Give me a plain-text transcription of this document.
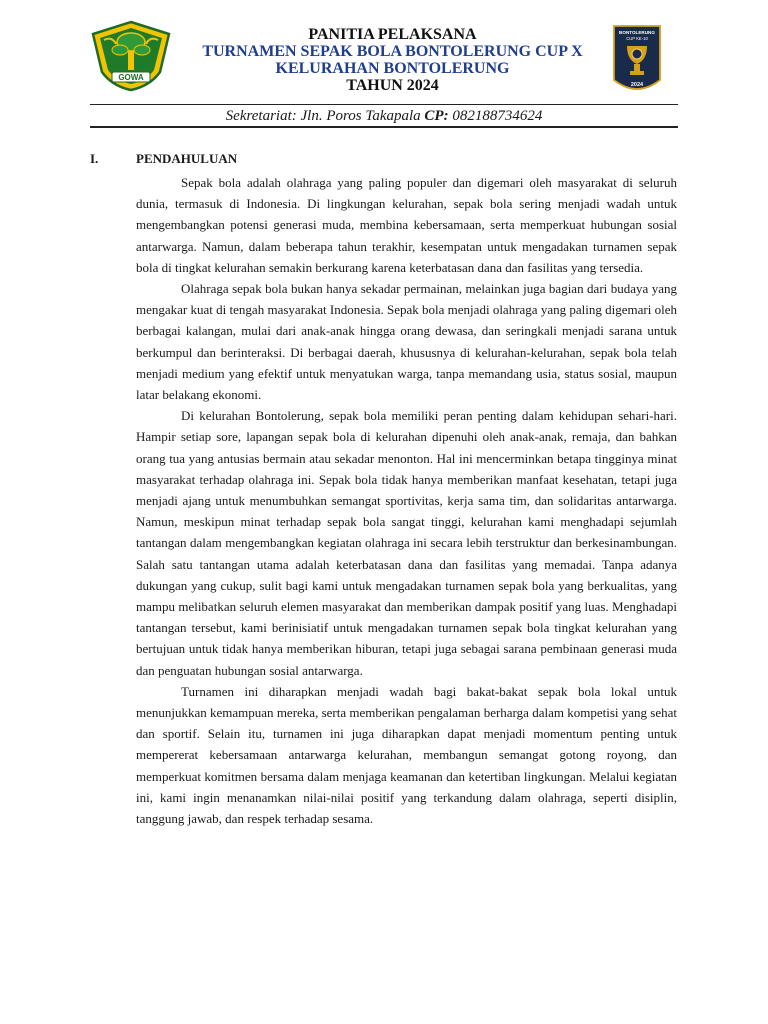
GOWA
BONTOLERUNG
CUP KE-10
2024
PANITIA PELAKSANA
TURNAMEN SEPAK BOLA BONTOLERUNG CUP X
KELURAHAN BONTOLERUNG
TAHUN 2024
Sekretariat: Jln. Poros Takapala CP: 082188734624
I.	PENDAHULUAN

Sepak bola adalah olahraga yang paling populer dan digemari oleh masyarakat di seluruh dunia, termasuk di Indonesia. Di lingkungan kelurahan, sepak bola sering menjadi wadah untuk mengembangkan potensi generasi muda, membina kebersamaan, serta memperkuat hubungan sosial antarwarga. Namun, dalam beberapa tahun terakhir, kesempatan untuk mengadakan turnamen sepak bola di tingkat kelurahan semakin berkurang karena keterbatasan dana dan fasilitas yang tersedia.

Olahraga sepak bola bukan hanya sekadar permainan, melainkan juga bagian dari budaya yang mengakar kuat di tengah masyarakat Indonesia. Sepak bola menjadi olahraga yang paling digemari oleh berbagai kalangan, mulai dari anak-anak hingga orang dewasa, dan seringkali menjadi sarana untuk berkumpul dan berinteraksi. Di berbagai daerah, khususnya di kelurahan-kelurahan, sepak bola telah menjadi medium yang efektif untuk menyatukan warga, tanpa memandang usia, status sosial, maupun latar belakang ekonomi.

Di kelurahan Bontolerung, sepak bola memiliki peran penting dalam kehidupan sehari-hari. Hampir setiap sore, lapangan sepak bola di kelurahan dipenuhi oleh anak-anak, remaja, dan bahkan orang tua yang antusias bermain atau sekadar menonton. Hal ini mencerminkan betapa tingginya minat masyarakat terhadap olahraga ini. Sepak bola tidak hanya memberikan manfaat kesehatan, tetapi juga menjadi ajang untuk menumbuhkan semangat sportivitas, kerja sama tim, dan solidaritas antarwarga. Namun, meskipun minat terhadap sepak bola sangat tinggi, kelurahan kami menghadapi sejumlah tantangan dalam mengembangkan kegiatan olahraga ini secara lebih terstruktur dan berkesinambungan. Salah satu tantangan utama adalah keterbatasan dana dan fasilitas yang memadai. Tanpa adanya dukungan yang cukup, sulit bagi kami untuk mengadakan turnamen sepak bola yang berkualitas, yang mampu melibatkan seluruh elemen masyarakat dan memberikan dampak positif yang luas. Menghadapi tantangan tersebut, kami berinisiatif untuk mengadakan turnamen sepak bola tingkat kelurahan yang bertujuan untuk tidak hanya memberikan hiburan, tetapi juga sebagai sarana pembinaan generasi muda dan penguatan hubungan sosial antarwarga.

Turnamen ini diharapkan menjadi wadah bagi bakat-bakat sepak bola lokal untuk menunjukkan kemampuan mereka, serta memberikan pengalaman berharga dalam kompetisi yang sehat dan sportif. Selain itu, turnamen ini juga diharapkan dapat menjadi momentum penting untuk mempererat kebersamaan antarwarga kelurahan, membangun semangat gotong royong, dan memperkuat komitmen bersama dalam menjaga keamanan dan ketertiban lingkungan. Melalui kegiatan ini, kami ingin menanamkan nilai-nilai positif yang terkandung dalam olahraga, seperti disiplin, tanggung jawab, dan respek terhadap sesama.
